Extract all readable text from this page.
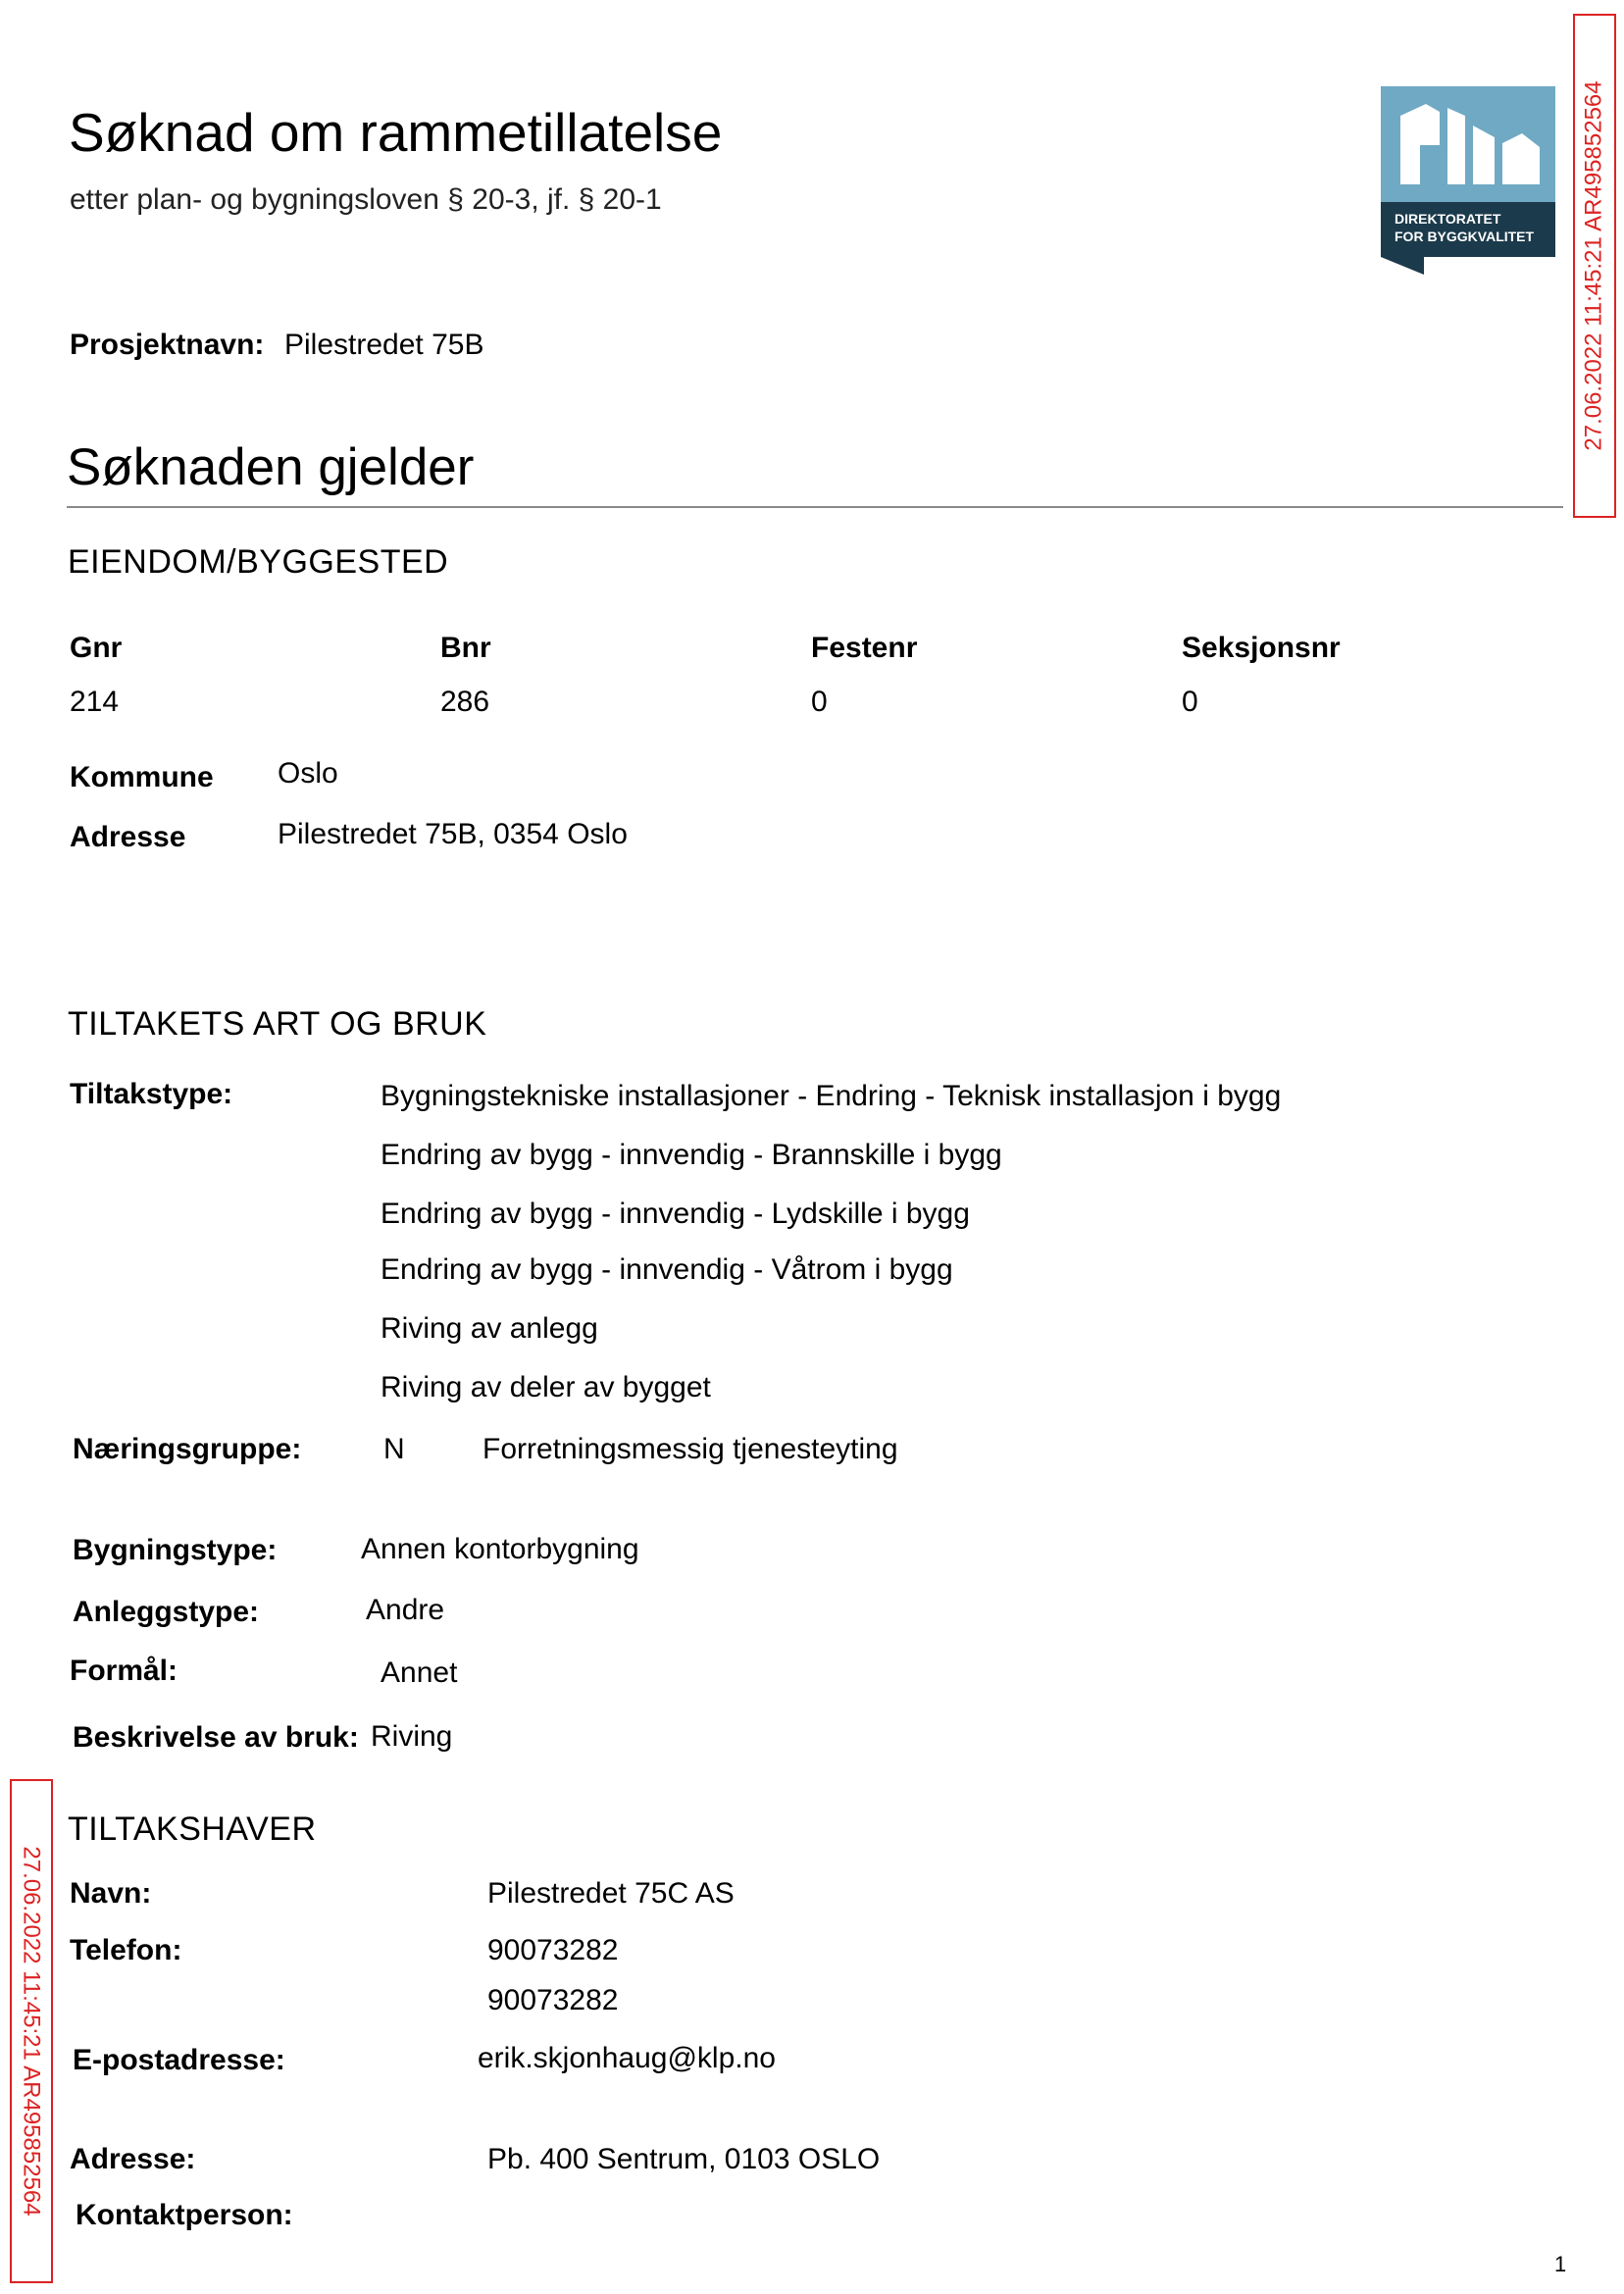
Søknad om rammetillatelse
etter plan- og bygningsloven § 20-3, jf. § 20-1
DIREKTORATET
FOR BYGGKVALITET 27.06.2022 11:45:21 AR495852564
27.06.2022 11:45:21 AR495852564
Prosjektnavn: Pilestredet 75B
Søknaden gjelder
EIENDOM/BYGGESTED
Gnr	Bnr	Festenr	Seksjonsnr
214	286	0	0
Kommune Oslo
Adresse	Pilestredet 75B, 0354 Oslo
TILTAKETS ART OG BRUK
Tiltakstype:	Bygningstekniske installasjoner - Endring - Teknisk installasjon i bygg
Endring av bygg - innvendig - Brannskille i bygg
Endring av bygg - innvendig - Lydskille i bygg
Endring av bygg - innvendig - Våtrom i bygg
Riving av anlegg
Riving av deler av bygget
Næringsgruppe:	N	Forretningsmessig tjenesteyting
Bygningstype:	Annen kontorbygning
Anleggstype:	Andre
Formål:	Annet
Beskrivelse av bruk: Riving
TILTAKSHAVER
Navn:	Pilestredet 75C AS
Telefon:	90073282
90073282
E-postadresse:	erik.skjonhaug@klp.no
Adresse:	Pb. 400 Sentrum, 0103 OSLO
Kontaktperson:
1
